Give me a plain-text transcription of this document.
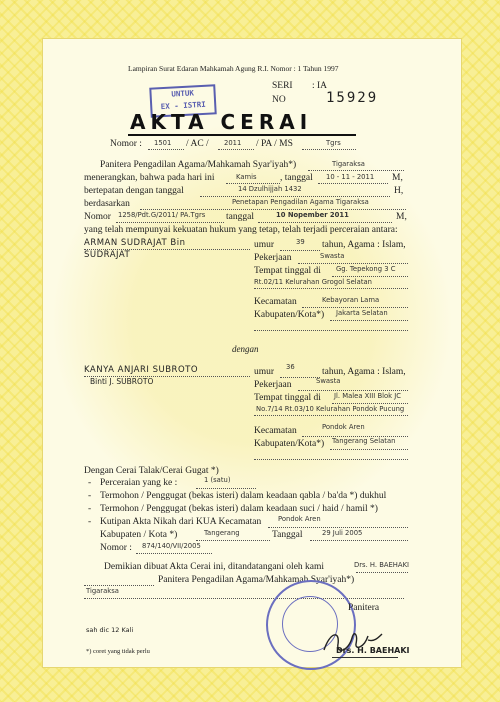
Lampiran Surat Edaran Mahkamah Agung R.I. Nomor : 1 Tahun 1997
SERI : IA
NO	15929
UNTUK
EX - ISTRI
AKTA CERAI
Nomor : 1501 / AC / 2011 / PA / MS	Tgrs
Panitera Pengadilan Agama/Mahkamah Syar'iyah*)	Tigaraksa
menerangkan, bahwa pada hari ini	Kamis , tanggal 10 - 11 - 2011 M,
bertepatan dengan tanggal	14 Dzulhijjah 1432	H,
berdasarkan	Penetapan Pengadilan Agama Tigaraksa
Nomor 1258/Pdt.G/2011/ PA.Tgrs tanggal	10 Nopember 2011	M,
yang telah mempunyai kekuatan hukum yang tetap, telah terjadi perceraian antara:
ARMAN SUDRAJAT Bin
SUDRAJAT
umur	39 tahun, Agama : Islam,
Pekerjaan	Swasta
Tempat tinggal di Gg. Tepekong 3 C
Rt.02/11 Kelurahan Grogol Selatan
Kecamatan	Kebayoran Lama
Kabupaten/Kota*) Jakarta Selatan
dengan
KANYA ANJARI SUBROTO
Binti J. SUBROTO
umur 36	tahun, Agama : Islam,
Pekerjaan	Swasta
Tempat tinggal di Jl. Malea XIII Blok JC
No.7/14 Rt.03/10 Kelurahan Pondok Pucung
Kecamatan	Pondok Aren
Kabupaten/Kota*) Tangerang Selatan
Dengan Cerai Talak/Cerai Gugat *)
- Perceraian yang ke :	1 (satu)
- Termohon / Penggugat (bekas isteri) dalam keadaan qabla / ba'da *) dukhul
- Termohon / Penggugat (bekas isteri) dalam keadaan suci / haid / hamil *)
- Kutipan Akta Nikah dari KUA Kecamatan Pondok Aren
Kabupaten / Kota *)	Tangerang	Tanggal	29 Juli 2005
Nomor : 874/140/VII/2005
Demikian dibuat Akta Cerai ini, ditandatangani oleh kami	Drs. H. BAEHAKI
Panitera Pengadilan Agama/Mahkamah Syar'iyah*)
Tigaraksa
Panitera
Drs. H. BAEHAKI
sah dic 12 Kali
*) coret yang tidak perlu
